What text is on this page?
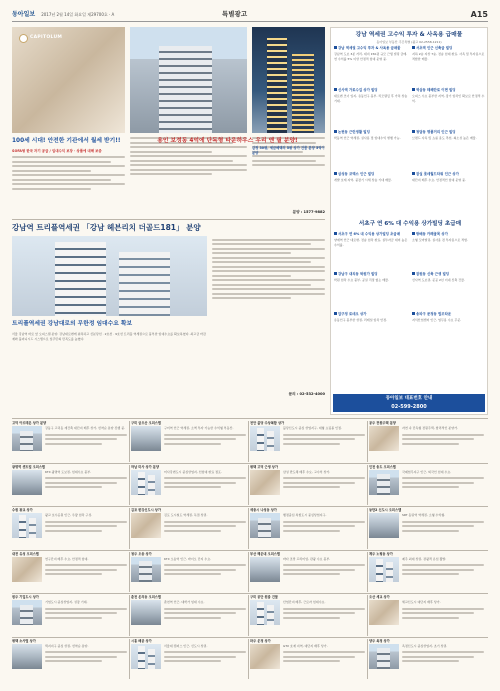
동아일보 2017년 2월 14일 화요일 제29700호 · A	특별광고	A15
CAPITOLUM
100세 시대! 안전한 기관에서 월세 받기!!
SOFA형 한국 자기 공급 / 임대수익 보장 · 상품에 대해 보증
용인 보정동 4억에 단독형 타운하우스 우리 앤 필 분양!
감정 30평, 세금혜택의 5평 상가 건물 분양 5억이 분양
분양 : 1577-9882
강남역 트리플역세권 「강남 헤븐리치 더골드181」 분양
트리플역세권 강남대로의 무한정 임대수요 확보
서울 강남역 바로 앞 오피스텔 분양. 강남대로변에 위치하고 신분당선 · 2호선 · 9호선 트리플 역세권으로 풍부한 임대수요를 확보하였다. 최고급 마감재와 풀퍼니시드 시스템으로 입주민의 만족도를 높였다.
문의 : 02-532-4000
강남 역세권 고수익 투자 & 사옥용 급매물
동아일보 부동산 주간특별 (광고 02-2558-1211)
강남 역세권 고수익 투자 & 사옥용 급매물
강남역 도보 3분 거리, 대지 150평 규모 근생 빌딩 급매. 연 수익률 5% 이상 안정적 임대 운영 중.
서초역 인근 신축급 빌딩
지하 2층 지상 7층, 전층 임대 완료. 사옥 및 투자용으로 적합한 매물.
신사역 가로수길 상가 빌딩
대로변 코너 입지, 유동인구 풍부. 리모델링 후 가치 상승 기대.
역삼동 테헤란로 이면 빌딩
오피스 수요 풍부한 지역, 장기 임차인 확보로 안정적 수익.
논현동 근린생활 빌딩
학동역 인근 역세권, 실사용 및 임대수익 병행 가능.
청담동 명품거리 인근 빌딩
브랜드 사옥 및 쇼룸 용도 추천, 희소성 높은 매물.
삼성동 코엑스 인근 빌딩
개발 호재 지역, 중장기 시세 상승 기대 매물.
잠실 롯데월드타워 인근 상가
대단지 배후 수요, 안정적인 임대 운영 중.
서초구 연 6% 대 수익용 상가빌딩 초급매
서초구 연 6% 대 수익용 상가빌딩 초급매
양재역 인근 대로변, 전층 임차 완료, 실투자금 대비 높은 수익률.
방배동 카페골목 상가
소형 꼬마빌딩, 실사용 겸 투자용으로 적합.
강남구 대치동 학원가 빌딩
학원 임차 수요 풍부, 공실 걱정 없는 매물.
잠원동 신축 근생 빌딩
신사역 도보권, 준공 2년 이내 신축 건물.
압구정 로데오 상가
유동인구 풍부한 상권, 리테일 임차 안정.
송파구 문정동 법조타운
지식산업센터 인근, 업무용 수요 꾸준.
동아일보 대표번호 안내
02-599-2800
고덕 아르테온 상가 분양
강동구 고덕동 재건축 대단지 배후 상가, 선착순 분양 진행 중.
구미 금오산 오피스텔
구미역 인근 역세권, 소액 투자 가능한 수익형 부동산.
천안 불당 주상복합 상가
불당신도시 중심 상업지구, 대형 쇼핑몰 인접.
공주 전원주택 분양
자연 속 단독형 전원주택, 합리적인 분양가.
광명역 센트럴 오피스텔
KTX 광명역 도보권, 임대수요 풍부.
하남 미사 상가 분양
미사강변도시 중심상업지, 선임대 완료 점포.
평택 고덕 근생 상가
삼성 반도체 배후 수요, 고수익 상가.
인천 송도 오피스텔
국제업무지구 인근, 외국인 임대 수요.
수원 광교 상가
광교 호수공원 인근, 우량 임차 구성.
김포 한강신도시 상가
김포 도시철도 역세권, 독점 상권.
세종시 나성동 상가
행정중심 복합도시 중심상업지구.
동탄2 신도시 오피스텔
SRT 동탄역 역세권, 소형 수익형.
대전 유성 오피스텔
연구단지 배후 수요, 안정적 임대.
청주 오송 상가
KTX 오송역 인근, 바이오 단지 수요.
부산 해운대 오피스텔
바다 조망 프리미엄, 관광 수요 풍부.
제주 노형동 상가
제주 최대 상권, 관광객 유입 활발.
원주 기업도시 상가
기업도시 중심상업지, 성장 기대.
춘천 온의동 오피스텔
춘천역 인근, 대학가 임대 수요.
구미 공단 원룸 건물
산업단지 배후, 근로자 임대수요.
오산 세교 상가
세교신도시 대단지 배후 상가.
평택 소사벌 상가
택지지구 중심 상권, 선착순 분양.
시흥 배곧 상가
서울대 캠퍼스 인근, 신도시 상권.
파주 운정 상가
GTX 호재 지역, 대단지 배후 상가.
양주 옥정 상가
옥정신도시 중심상업지, 초기 상권.
